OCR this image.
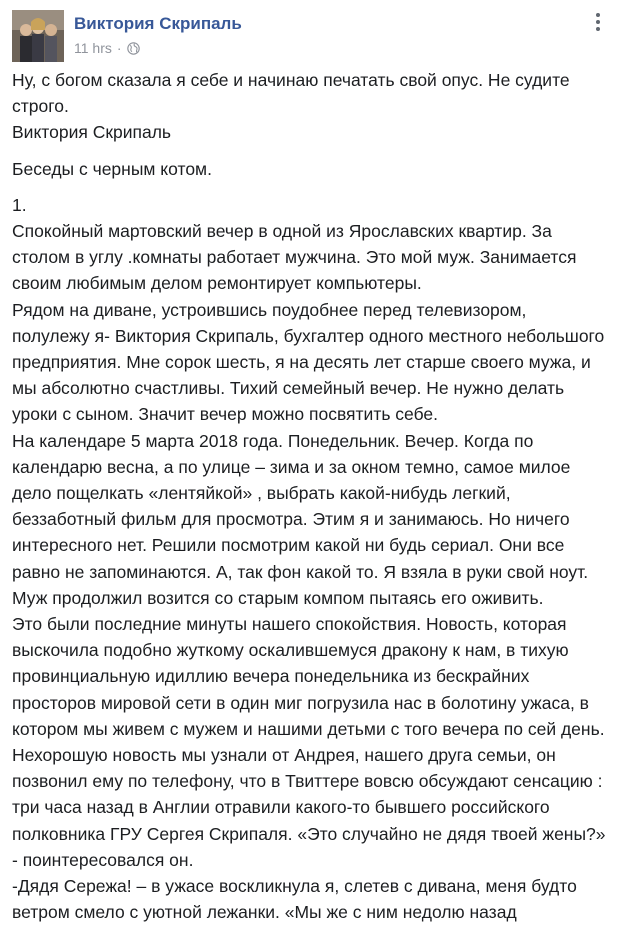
Виктория Скрипаль
11 hrs ·

Ну, с богом сказала я себе и начинаю печатать свой опус. Не судите

строго.

Виктория Скрипаль

Беседы с черным котом.

1.

Спокойный мартовский вечер в одной из Ярославских квартир. За

столом в углу .комнаты работает мужчина. Это мой муж. Занимается

своим любимым делом ремонтирует компьютеры.

Рядом на диване, устроившись поудобнее перед телевизором,

полулежу я- Виктория Скрипаль, бухгалтер одного местного небольшого

предприятия. Мне сорок шесть, я на десять лет старше своего мужа, и

мы абсолютно счастливы. Тихий семейный вечер. Не нужно делать

уроки с сыном. Значит вечер можно посвятить себе.

На календаре 5 марта 2018 года. Понедельник. Вечер. Когда по

календарю весна, а по улице – зима и за окном темно, самое милое

дело пощелкать «лентяйкой» , выбрать какой-нибудь легкий,

беззаботный фильм для просмотра. Этим я и занимаюсь. Но ничего

интересного нет. Решили посмотрим какой ни будь сериал. Они все

равно не запоминаются. А, так фон какой то. Я взяла в руки свой ноут.

Муж продолжил возится со старым компом пытаясь его оживить.

Это были последние минуты нашего спокойствия. Новость, которая

выскочила подобно жуткому оскалившемуся дракону к нам, в тихую

провинциальную идиллию вечера понедельника из бескрайних

просторов мировой сети в один миг погрузила нас в болотину ужаса, в

котором мы живем с мужем и нашими детьми с того вечера по сей день.

Нехорошую новость мы узнали от Андрея, нашего друга семьи, он

позвонил ему по телефону, что в Твиттере вовсю обсуждают сенсацию :

три часа назад в Англии отравили какого-то бывшего российского

полковника ГРУ Сергея Скрипаля. «Это случайно не дядя твоей жены?»

- поинтересовался он.

-Дядя Сережа! – в ужасе воскликнула я, слетев с дивана, меня будто

ветром смело с уютной лежанки. «Мы же с ним недолю назад
